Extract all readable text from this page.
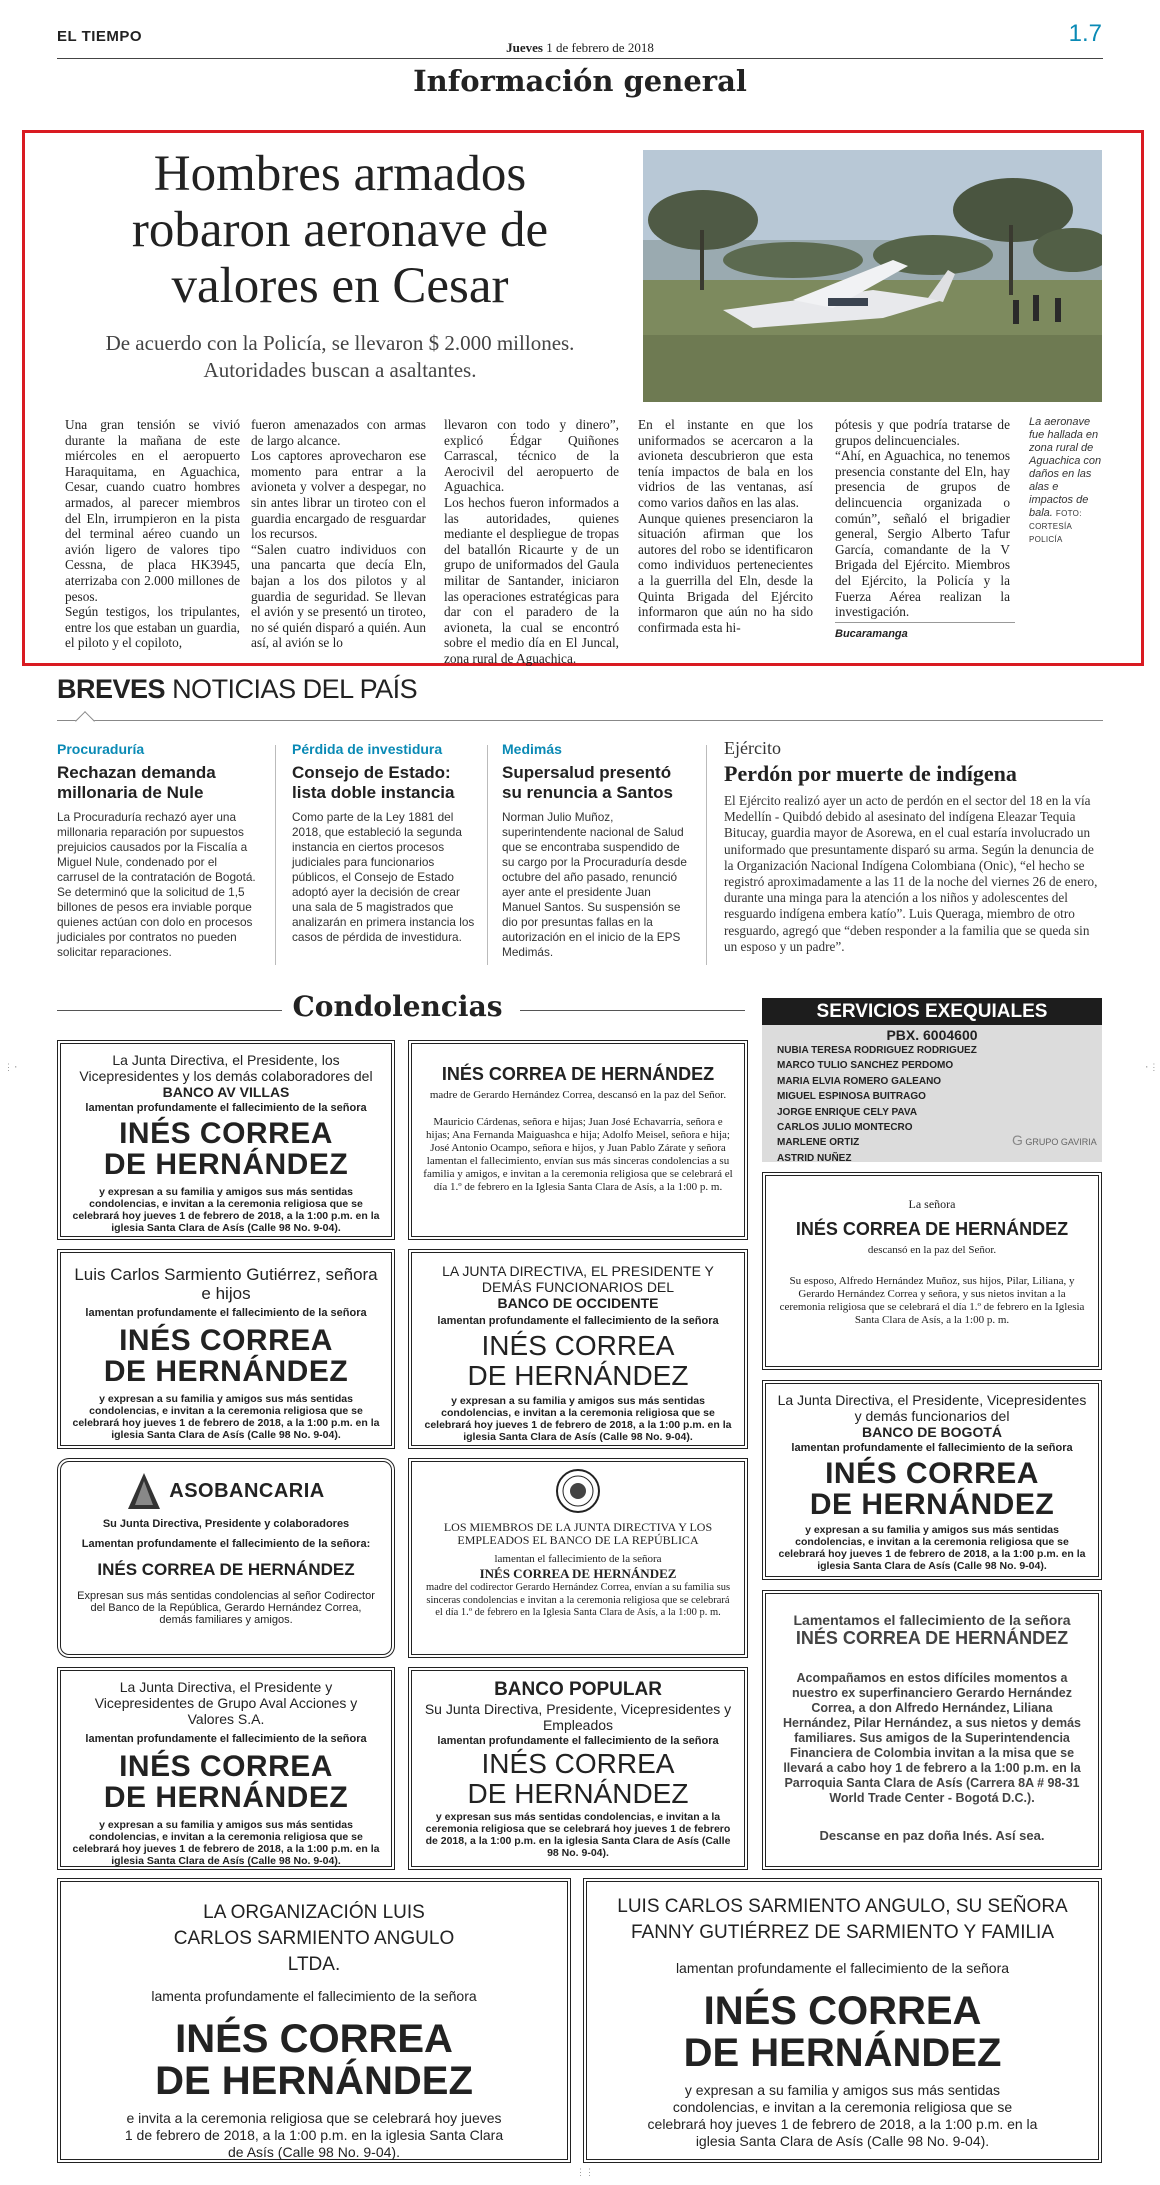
EL TIEMPO
Jueves 1 de febrero de 2018
1.7
Información general
Hombres armados robaron aeronave de valores en Cesar
De acuerdo con la Policía, se llevaron $ 2.000 millones. Autoridades buscan a asaltantes.
Una gran tensión se vivió durante la mañana de este miércoles en el aeropuerto Haraquitama, en Aguachica, Cesar, cuando cuatro hombres armados, al parecer miembros del Eln, irrumpieron en la pista del terminal aéreo cuando un avión ligero de valores tipo Cessna, de placa HK3945, aterrizaba con 2.000 millones de pesos.
Según testigos, los tripulantes, entre los que estaban un guardia, el piloto y el copiloto,
fueron amenazados con armas de largo alcance.
Los captores aprovecharon ese momento para entrar a la avioneta y volver a despegar, no sin antes librar un tiroteo con el guardia encargado de resguardar los recursos.
“Salen cuatro individuos con una pancarta que decía Eln, bajan a los dos pilotos y al guardia de seguridad. Se llevan el avión y se presentó un tiroteo, no sé quién disparó a quién. Aun así, al avión se lo
llevaron con todo y dinero”, explicó Édgar Quiñones Carrascal, técnico de la Aerocivil del aeropuerto de Aguachica.
Los hechos fueron informados a las autoridades, quienes mediante el despliegue de tropas del batallón Ricaurte y de un grupo de uniformados del Gaula militar de Santander, iniciaron las operaciones estratégicas para dar con el paradero de la avioneta, la cual se encontró sobre el medio día en El Juncal, zona rural de Aguachica.
En el instante en que los uniformados se acercaron a la avioneta descubrieron que esta tenía impactos de bala en los vidrios de las ventanas, así como varios daños en las alas.
Aunque quienes presenciaron la situación afirman que los autores del robo se identificaron como individuos pertenecientes a la guerrilla del Eln, desde la Quinta Brigada del Ejército informaron que aún no ha sido confirmada esta hi-
pótesis y que podría tratarse de grupos delincuenciales.
“Ahí, en Aguachica, no tenemos presencia constante del Eln, hay presencia de grupos de delincuencia organizada o común”, señaló el brigadier general, Sergio Alberto Tafur García, comandante de la V Brigada del Ejército. Miembros del Ejército, la Policía y la Fuerza Aérea realizan la investigación.
La aeronave fue hallada en zona rural de Aguachica con daños en las alas e impactos de bala. FOTO: CORTESÍA POLICÍA
Bucaramanga
BREVES NOTICIAS DEL PAÍS
Procuraduría
Rechazan demanda millonaria de Nule
La Procuraduría rechazó ayer una millonaria reparación por supuestos prejuicios causados por la Fiscalía a Miguel Nule, condenado por el carrusel de la contratación de Bogotá. Se determinó que la solicitud de 1,5 billones de pesos era inviable porque quienes actúan con dolo en procesos judiciales por contratos no pueden solicitar reparaciones.
Pérdida de investidura
Consejo de Estado: lista doble instancia
Como parte de la Ley 1881 del 2018, que estableció la segunda instancia en ciertos procesos judiciales para funcionarios públicos, el Consejo de Estado adoptó ayer la decisión de crear una sala de 5 magistrados que analizarán en primera instancia los casos de pérdida de investidura.
Medimás
Supersalud presentó su renuncia a Santos
Norman Julio Muñoz, superintendente nacional de Salud que se encontraba suspendido de su cargo por la Procuraduría desde octubre del año pasado, renunció ayer ante el presidente Juan Manuel Santos. Su suspensión se dio por presuntas fallas en la autorización en el inicio de la EPS Medimás.
Ejército
Perdón por muerte de indígena
El Ejército realizó ayer un acto de perdón en el sector del 18 en la vía Medellín - Quibdó debido al asesinato del indígena Eleazar Tequia Bitucay, guardia mayor de Asorewa, en el cual estaría involucrado un uniformado que presuntamente disparó su arma. Según la denuncia de la Organización Nacional Indígena Colombiana (Onic), “el hecho se registró aproximadamente a las 11 de la noche del viernes 26 de enero, durante una minga para la atención a los niños y adolescentes del resguardo indígena embera katío”. Luis Queraga, miembro de otro resguardo, agregó que “deben responder a la familia que se queda sin un esposo y un padre”.
Condolencias	SERVICIOS EXEQUIALES
PBX. 6004600
NUBIA TERESA RODRIGUEZ RODRIGUEZ
MARCO TULIO SANCHEZ PERDOMO
MARIA ELVIA ROMERO GALEANO
MIGUEL ESPINOSA BUITRAGO
JORGE ENRIQUE CELY PAVA
CARLOS JULIO MONTECRO
MARLENE ORTIZ
ASTRID NUÑEZ
G GRUPO GAVIRIA
La Junta Directiva, el Presidente, los Vicepresidentes y los demás colaboradores del
BANCO AV VILLAS
lamentan profundamente el fallecimiento de la señora
INÉS CORREA
DE HERNÁNDEZ
y expresan a su familia y amigos sus más sentidas condolencias, e invitan a la ceremonia religiosa que se celebrará hoy jueves 1 de febrero de 2018, a la 1:00 p.m. en la iglesia Santa Clara de Asís (Calle 98 No. 9-04).
INÉS CORREA DE HERNÁNDEZ
madre de Gerardo Hernández Correa, descansó en la paz del Señor.
Mauricio Cárdenas, señora e hijas; Juan José Echavarría, señora e hijas; Ana Fernanda Maiguashca e hija; Adolfo Meisel, señora e hija; José Antonio Ocampo, señora e hijos, y Juan Pablo Zárate y señora lamentan el fallecimiento, envían sus más sinceras condolencias a su familia y amigos, e invitan a la ceremonia religiosa que se celebrará el día 1.º de febrero en la Iglesia Santa Clara de Asís, a la 1:00 p. m.
Luis Carlos Sarmiento Gutiérrez, señora e hijos
lamentan profundamente el fallecimiento de la señora
INÉS CORREA
DE HERNÁNDEZ
y expresan a su familia y amigos sus más sentidas condolencias, e invitan a la ceremonia religiosa que se celebrará hoy jueves 1 de febrero de 2018, a la 1:00 p.m. en la iglesia Santa Clara de Asís (Calle 98 No. 9-04).
LA JUNTA DIRECTIVA, EL PRESIDENTE Y DEMÁS FUNCIONARIOS DEL
BANCO DE OCCIDENTE
lamentan profundamente el fallecimiento de la señora
INÉS CORREA
DE HERNÁNDEZ
y expresan a su familia y amigos sus más sentidas condolencias, e invitan a la ceremonia religiosa que se celebrará hoy jueves 1 de febrero de 2018, a la 1:00 p.m. en la iglesia Santa Clara de Asís (Calle 98 No. 9-04).
ASOBANCARIA
Su Junta Directiva, Presidente y colaboradores
Lamentan profundamente el fallecimiento de la señora:
INÉS CORREA DE HERNÁNDEZ
Expresan sus más sentidas condolencias al señor Codirector del Banco de la República, Gerardo Hernández Correa, demás familiares y amigos.
LOS MIEMBROS DE LA JUNTA DIRECTIVA Y LOS EMPLEADOS EL BANCO DE LA REPÚBLICA
lamentan el fallecimiento de la señora
INÉS CORREA DE HERNÁNDEZ
madre del codirector Gerardo Hernández Correa, envían a su familia sus sinceras condolencias e invitan a la ceremonia religiosa que se celebrará el día 1.º de febrero en la Iglesia Santa Clara de Asís, a la 1:00 p. m.
La Junta Directiva, el Presidente y Vicepresidentes de Grupo Aval Acciones y Valores S.A.
lamentan profundamente el fallecimiento de la señora
INÉS CORREA
DE HERNÁNDEZ
y expresan a su familia y amigos sus más sentidas condolencias, e invitan a la ceremonia religiosa que se celebrará hoy jueves 1 de febrero de 2018, a la 1:00 p.m. en la iglesia Santa Clara de Asís (Calle 98 No. 9-04).
BANCO POPULAR
Su Junta Directiva, Presidente, Vicepresidentes y Empleados
lamentan profundamente el fallecimiento de la señora
INÉS CORREA
DE HERNÁNDEZ
y expresan sus más sentidas condolencias, e invitan a la ceremonia religiosa que se celebrará hoy jueves 1 de febrero de 2018, a la 1:00 p.m. en la iglesia Santa Clara de Asís (Calle 98 No. 9-04).
LA ORGANIZACIÓN LUIS CARLOS SARMIENTO ANGULO LTDA.
lamenta profundamente el fallecimiento de la señora
INÉS CORREA
DE HERNÁNDEZ
e invita a la ceremonia religiosa que se celebrará hoy jueves 1 de febrero de 2018, a la 1:00 p.m. en la iglesia Santa Clara de Asís (Calle 98 No. 9-04).
LUIS CARLOS SARMIENTO ANGULO, SU SEÑORA FANNY GUTIÉRREZ DE SARMIENTO Y FAMILIA
lamentan profundamente el fallecimiento de la señora
INÉS CORREA
DE HERNÁNDEZ
y expresan a su familia y amigos sus más sentidas condolencias, e invitan a la ceremonia religiosa que se celebrará hoy jueves 1 de febrero de 2018, a la 1:00 p.m. en la iglesia Santa Clara de Asís (Calle 98 No. 9-04).
La señora
INÉS CORREA DE HERNÁNDEZ
descansó en la paz del Señor.
Su esposo, Alfredo Hernández Muñoz, sus hijos, Pilar, Liliana, y Gerardo Hernández Correa y señora, y sus nietos invitan a la ceremonia religiosa que se celebrará el día 1.º de febrero en la Iglesia Santa Clara de Asís, a la 1:00 p. m.
La Junta Directiva, el Presidente, Vicepresidentes y demás funcionarios del
BANCO DE BOGOTÁ
lamentan profundamente el fallecimiento de la señora
INÉS CORREA
DE HERNÁNDEZ
y expresan a su familia y amigos sus más sentidas condolencias, e invitan a la ceremonia religiosa que se celebrará hoy jueves 1 de febrero de 2018, a la 1:00 p.m. en la iglesia Santa Clara de Asís (Calle 98 No. 9-04).
Lamentamos el fallecimiento de la señora
INÉS CORREA DE HERNÁNDEZ
Acompañamos en estos difíciles momentos a nuestro ex superfinanciero Gerardo Hernández Correa, a don Alfredo Hernández, Liliana Hernández, Pilar Hernández, a sus nietos y demás familiares. Sus amigos de la Superintendencia Financiera de Colombia invitan a la misa que se llevará a cabo hoy 1 de febrero a la 1:00 p.m. en la Parroquia Santa Clara de Asís (Carrera 8A # 98-31 World Trade Center - Bogotá D.C.).
Descanse en paz doña Inés. Así sea.
⋮·	·⋮
⋮⋮
